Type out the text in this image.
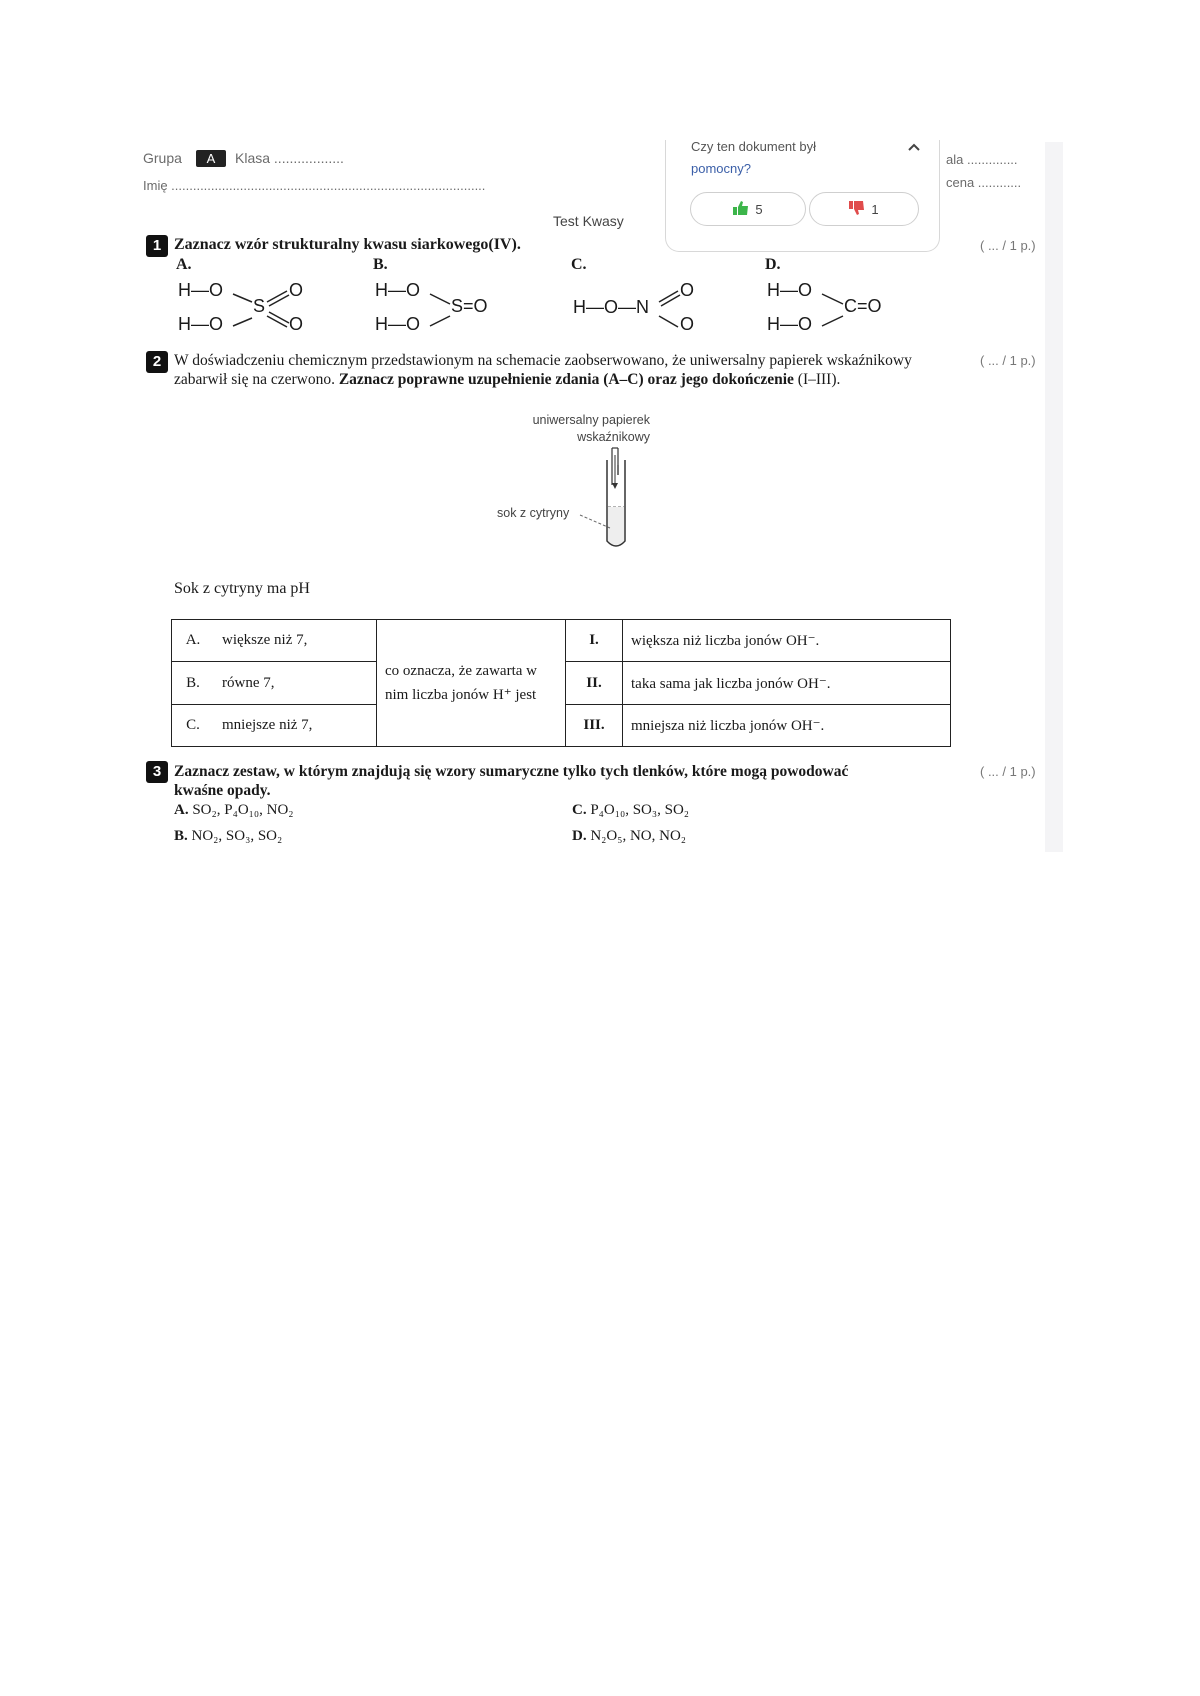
Grupa	A	Klasa ..................
Imię .......................................................................................
ala ..............
cena ............
Test Kwasy
Czy ten dokument był
pomocny?
5	1
1 Zaznacz wzór strukturalny kwasu siarkowego(IV).	( ... / 1 p.)
A.
H—O
H—O
S
O
O
B.
H—O
H—O
S=O
C.
H—O—N
O
O
D.
H—O
H—O
C=O
2 W doświadczeniu chemicznym przedstawionym na schemacie zaobserwowano, że uniwersalny papierek wskaźnikowy zabarwił się na czerwono. Zaznacz poprawne uzupełnienie zdania (A–C) oraz jego dokończenie (I–III).
( ... / 1 p.)
uniwersalny papierek
wskaźnikowy
sok z cytryny
Sok z cytryny ma pH
A.	większe niż 7,	co oznacza, że zawarta w nim liczba jonów H⁺ jest	I.	większa niż liczba jonów OH⁻.
B.	równe 7,		II.	taka sama jak liczba jonów OH⁻.
C.	mniejsze niż 7,		III.	mniejsza niż liczba jonów OH⁻.
3 Zaznacz zestaw, w którym znajdują się wzory sumaryczne tylko tych tlenków, które mogą powodować
kwaśne opady.
( ... / 1 p.)
A. SO₂, P₄O₁₀, NO₂	C. P₄O₁₀, SO₃, SO₂
B. NO₂, SO₃, SO₂	D. N₂O₅, NO, NO₂
